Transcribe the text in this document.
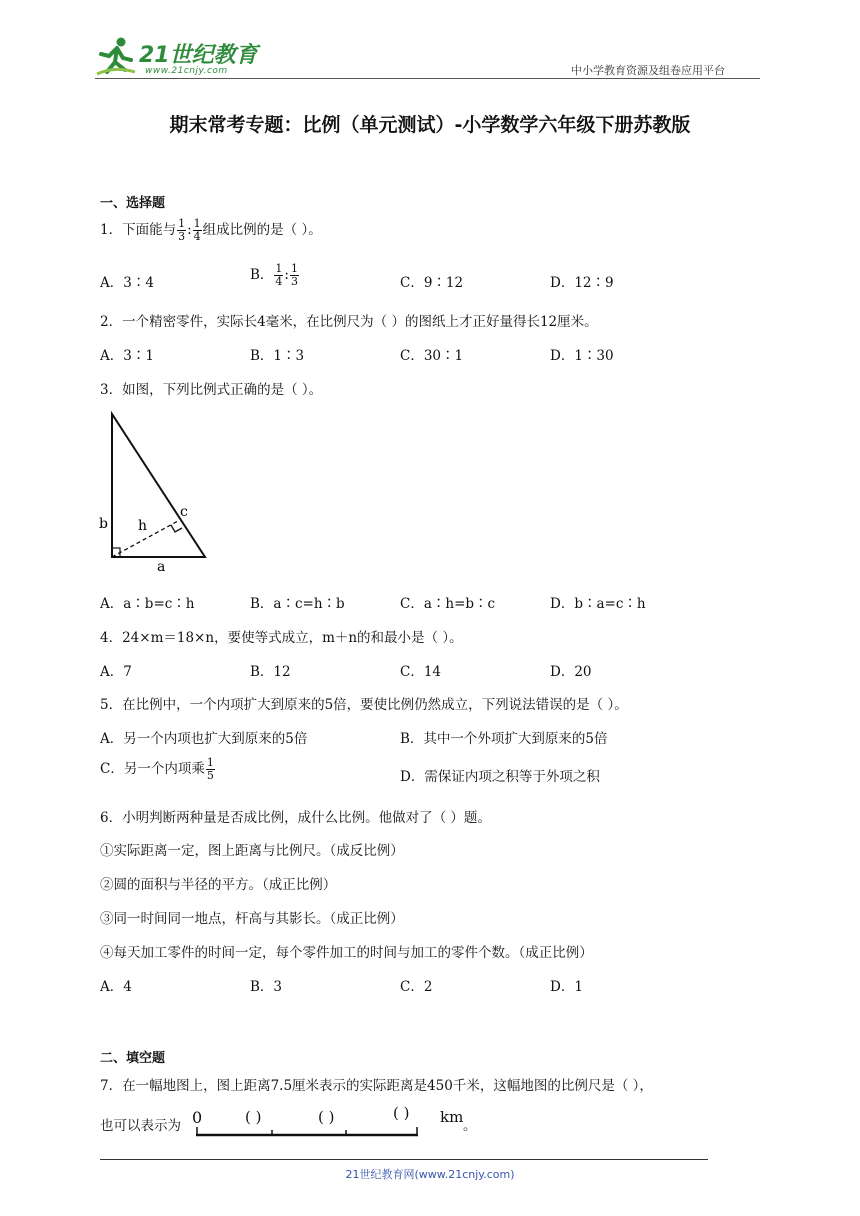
21世纪教育
www.21cnjy.com	中小学教育资源及组卷应用平台
期末常考专题：比例（单元测试）-小学数学六年级下册苏教版
一、选择题
1．下面能与 $\frac{1}{3}$ : $\frac{1}{4}$ 组成比例的是（ ）。
A．3∶4	B． $\frac{1}{4}$ : $\frac{1}{3}$	C．9∶12	D．12∶9
2．一个精密零件，实际长4毫米，在比例尺为（ ）的图纸上才正好量得长12厘米。
A．3∶1	B．1∶3	C．30∶1	D．1∶30
3．如图，下列比例式正确的是（ ）。
b h
c
a
A．a∶b=c∶h	B．a∶c=h∶b	C．a∶h=b∶c	D．b∶a=c∶h
4．24×m＝18×n，要使等式成立，m＋n的和最小是（ ）。
A．7	B．12	C．14	D．20
5．在比例中，一个内项扩大到原来的5倍，要使比例仍然成立，下列说法错误的是（ ）。
A．另一个内项也扩大到原来的5倍	B．其中一个外项扩大到原来的5倍
C．另一个内项乘 $\frac{1}{5}$	D．需保证内项之积等于外项之积
6．小明判断两种量是否成比例，成什么比例。他做对了（ ）题。
①实际距离一定，图上距离与比例尺。（成反比例）
②圆的面积与半径的平方。（成正比例）
③同一时间同一地点，杆高与其影长。（成正比例）
④每天加工零件的时间一定，每个零件加工的时间与加工的零件个数。（成正比例）
A．4	B．3	C．2	D．1
二、填空题
7．在一幅地图上，图上距离7.5厘米表示的实际距离是450千米，这幅地图的比例尺是（ ），
也可以表示为 0	( )	( )	( ) km 。
21世纪教育网(www.21cnjy.com)
